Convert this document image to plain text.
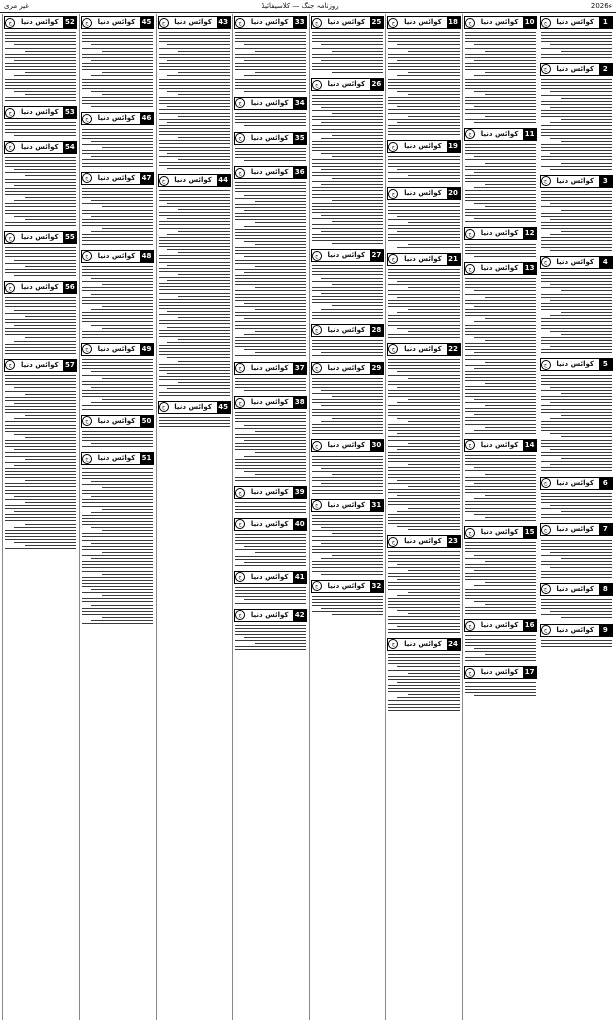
غیر مری	روزنامہ جنگ — کلاسیفائیڈ	2026ء
ج	کوائس دنیا	1
ج	کوائس دنیا	2
ج	کوائس دنیا	3
ج	کوائس دنیا	4
ج	کوائس دنیا	5
ج	کوائس دنیا	6
ج	کوائس دنیا	7
ج	کوائس دنیا	8
ج	کوائس دنیا	9
ج	کوائس دنیا 10
ج	کوائس دنیا 11
ج	کوائس دنیا 12
ج	کوائس دنیا 13
ج	کوائس دنیا 14
ج	کوائس دنیا 15
ج	کوائس دنیا 16
ج	کوائس دنیا 17
ج	کوائس دنیا 18
ج	کوائس دنیا 19
ج	کوائس دنیا 20
ج	کوائس دنیا 21
ج	کوائس دنیا 22
ج	کوائس دنیا 23
ج	کوائس دنیا 24
ج	کوائس دنیا 25
ج	کوائس دنیا 26
ج	کوائس دنیا 27
ج	کوائس دنیا 28
ج	کوائس دنیا 29
ج	کوائس دنیا 30
ج	کوائس دنیا 31
ج	کوائس دنیا 32
ج	کوائس دنیا 33
ج	کوائس دنیا 34
ج	کوائس دنیا 35
ج	کوائس دنیا 36
ج	کوائس دنیا 37
ج	کوائس دنیا 38
ج	کوائس دنیا 39
ج	کوائس دنیا 40
ج	کوائس دنیا 41
ج	کوائس دنیا 42
ج	کوائس دنیا 43
ج	کوائس دنیا 44
ج	کوائس دنیا 45
ج	کوائس دنیا 45
ج	کوائس دنیا 46
ج	کوائس دنیا 47
ج	کوائس دنیا 48
ج	کوائس دنیا 49
ج	کوائس دنیا 50
ج	کوائس دنیا 51
ج	کوائس دنیا 52
ج	کوائس دنیا 53
ج	کوائس دنیا 54
ج	کوائس دنیا 55
ج	کوائس دنیا 56
ج	کوائس دنیا 57
